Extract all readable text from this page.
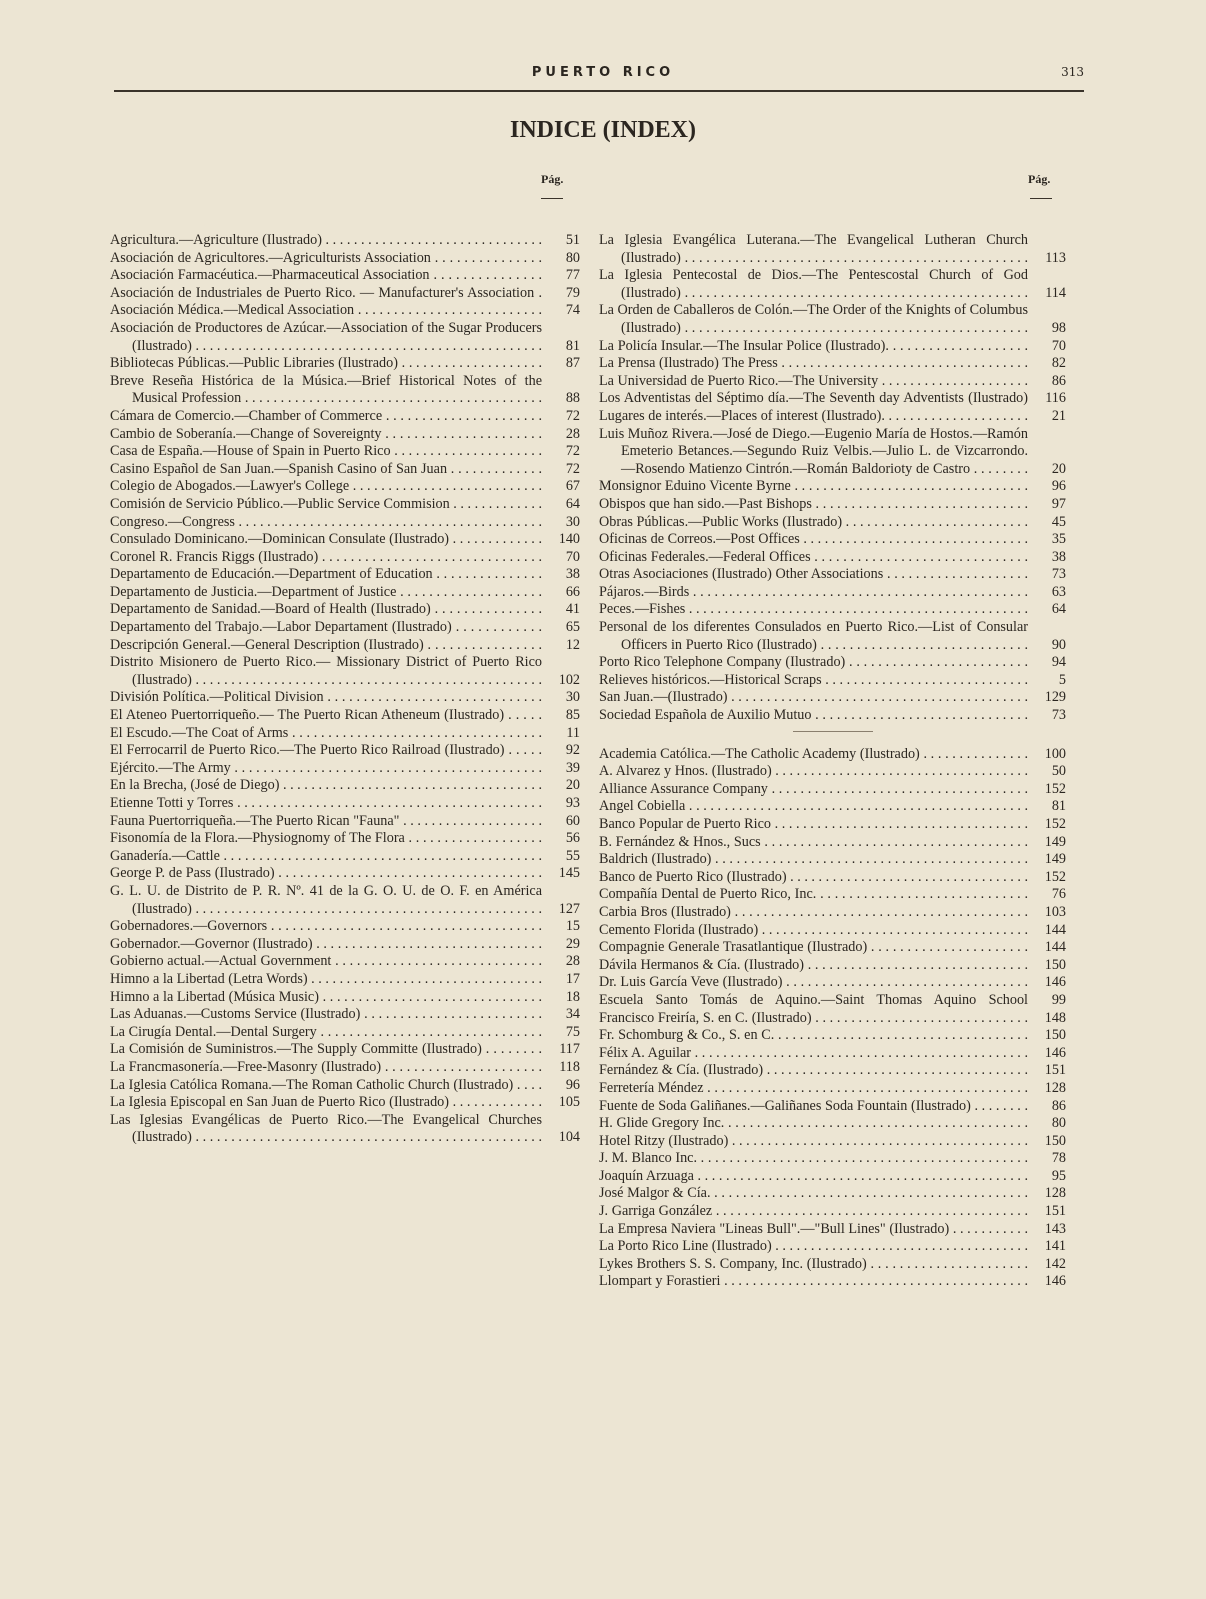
PUERTO RICO	313
INDICE (INDEX)
Pág.	Pág.
Agricultura.—Agriculture (Ilustrado) . . .	51
Asociación de Agricultores.—Agriculturists Association . . .	80
Asociación Farmacéutica.—Pharmaceutical Association . . .	77
Asociación de Industriales de Puerto Rico. — Manufacturer's Association . . .	79
Asociación Médica.—Medical Association . . .	74
Asociación de Productores de Azúcar.—Association of the Sugar Producers (Ilustrado) . . .	81
Bibliotecas Públicas.—Public Libraries (Ilustrado) . . .	87
Breve Reseña Histórica de la Música.—Brief Historical Notes of the Musical Profession . . .	88
Cámara de Comercio.—Chamber of Commerce . . .	72
Cambio de Soberanía.—Change of Sovereignty . . .	28
Casa de España.—House of Spain in Puerto Rico . . .	72
Casino Español de San Juan.—Spanish Casino of San Juan . . .	72
Colegio de Abogados.—Lawyer's College . . .	67
Comisión de Servicio Público.—Public Service Commision . . .	64
Congreso.—Congress . . .	30
Consulado Dominicano.—Dominican Consulate (Ilustrado) . . .	140
Coronel R. Francis Riggs (Ilustrado) . . .	70
Departamento de Educación.—Department of Education . . .	38
Departamento de Justicia.—Department of Justice . . .	66
Departamento de Sanidad.—Board of Health (Ilustrado) . . .	41
Departamento del Trabajo.—Labor Departament (Ilustrado) . . .	65
Descripción General.—General Description (Ilustrado) . . .	12
Distrito Misionero de Puerto Rico.— Missionary District of Puerto Rico (Ilustrado) . . .	102
División Política.—Political Division . . .	30
El Ateneo Puertorriqueño.— The Puerto Rican Atheneum (Ilustrado) . . .	85
El Escudo.—The Coat of Arms . . .	11
El Ferrocarril de Puerto Rico.—The Puerto Rico Railroad (Ilustrado) . . .	92
Ejército.—The Army . . .	39
En la Brecha, (José de Diego) . . .	20
Etienne Totti y Torres . . .	93
Fauna Puertorriqueña.—The Puerto Rican "Fauna" . . .	60
Fisonomía de la Flora.—Physiognomy of The Flora . . .	56
Ganadería.—Cattle . . .	55
George P. de Pass (Ilustrado) . . .	145
G. L. U. de Distrito de P. R. Nº. 41 de la G. O. U. de O. F. en América (Ilustrado) . . .	127
Gobernadores.—Governors . . .	15
Gobernador.—Governor (Ilustrado) . . .	29
Gobierno actual.—Actual Government . . .	28
Himno a la Libertad (Letra Words) . . .	17
Himno a la Libertad (Música Music) . . .	18
Las Aduanas.—Customs Service (Ilustrado) . . .	34
La Cirugía Dental.—Dental Surgery . . .	75
La Comisión de Suministros.—The Supply Committe (Ilustrado) . . .	117
La Francmasonería.—Free-Masonry (Ilustrado) . . .	118
La Iglesia Católica Romana.—The Roman Catholic Church (Ilustrado) . . .	96
La Iglesia Episcopal en San Juan de Puerto Rico (Ilustrado) . . .	105
Las Iglesias Evangélicas de Puerto Rico.—The Evangelical Churches (Ilustrado) . . .	104
La Iglesia Evangélica Luterana.—The Evangelical Lutheran Church (Ilustrado) . . .	113
La Iglesia Pentecostal de Dios.—The Pentescostal Church of God (Ilustrado) . . .	114
La Orden de Caballeros de Colón.—The Order of the Knights of Columbus (Ilustrado) . . .	98
La Policía Insular.—The Insular Police (Ilustrado). . . .	70
La Prensa (Ilustrado) The Press . . .	82
La Universidad de Puerto Rico.—The University . . .	86
Los Adventistas del Séptimo día.—The Seventh day Adventists (Ilustrado) . . .	116
Lugares de interés.—Places of interest (Ilustrado). . . .	21
Luis Muñoz Rivera.—José de Diego.—Eugenio María de Hostos.—Ramón Emeterio Betances.—Segundo Ruiz Velbis.—Julio L. de Vizcarrondo.—Rosendo Matienzo Cintrón.—Román Baldorioty de Castro . . .	20
Monsignor Eduino Vicente Byrne . . .	96
Obispos que han sido.—Past Bishops . . .	97
Obras Públicas.—Public Works (Ilustrado) . . .	45
Oficinas de Correos.—Post Offices . . .	35
Oficinas Federales.—Federal Offices . . .	38
Otras Asociaciones (Ilustrado) Other Associations . . .	73
Pájaros.—Birds . . .	63
Peces.—Fishes . . .	64
Personal de los diferentes Consulados en Puerto Rico.—List of Consular Officers in Puerto Rico (Ilustrado) . . .	90
Porto Rico Telephone Company (Ilustrado) . . .	94
Relieves históricos.—Historical Scraps . . .	5
San Juan.—(Ilustrado) . . .	129
Sociedad Española de Auxilio Mutuo . . .	73
Academia Católica.—The Catholic Academy (Ilustrado) . . .	100
A. Alvarez y Hnos. (Ilustrado) . . .	50
Alliance Assurance Company . . .	152
Angel Cobiella . . .	81
Banco Popular de Puerto Rico . . .	152
B. Fernández & Hnos., Sucs . . .	149
Baldrich (Ilustrado) . . .	149
Banco de Puerto Rico (Ilustrado) . . .	152
Compañía Dental de Puerto Rico, Inc. . . .	76
Carbia Bros (Ilustrado) . . .	103
Cemento Florida (Ilustrado) . . .	144
Compagnie Generale Trasatlantique (Ilustrado) . . .	144
Dávila Hermanos & Cía. (Ilustrado) . . .	150
Dr. Luis García Veve (Ilustrado) . . .	146
Escuela Santo Tomás de Aquino.—Saint Thomas Aquino School . . .	99
Francisco Freiría, S. en C. (Ilustrado) . . .	148
Fr. Schomburg & Co., S. en C. . . .	150
Félix A. Aguilar . . .	146
Fernández & Cía. (Ilustrado) . . .	151
Ferretería Méndez . . .	128
Fuente de Soda Galiñanes.—Galiñanes Soda Fountain (Ilustrado) . . .	86
H. Glide Gregory Inc. . . .	80
Hotel Ritzy (Ilustrado) . . .	150
J. M. Blanco Inc. . . .	78
Joaquín Arzuaga . . .	95
José Malgor & Cía. . . .	128
J. Garriga González . . .	151
La Empresa Naviera "Lineas Bull".—"Bull Lines" (Ilustrado) . . .	143
La Porto Rico Line (Ilustrado) . . .	141
Lykes Brothers S. S. Company, Inc. (Ilustrado) . . .	142
Llompart y Forastieri . . .	146
